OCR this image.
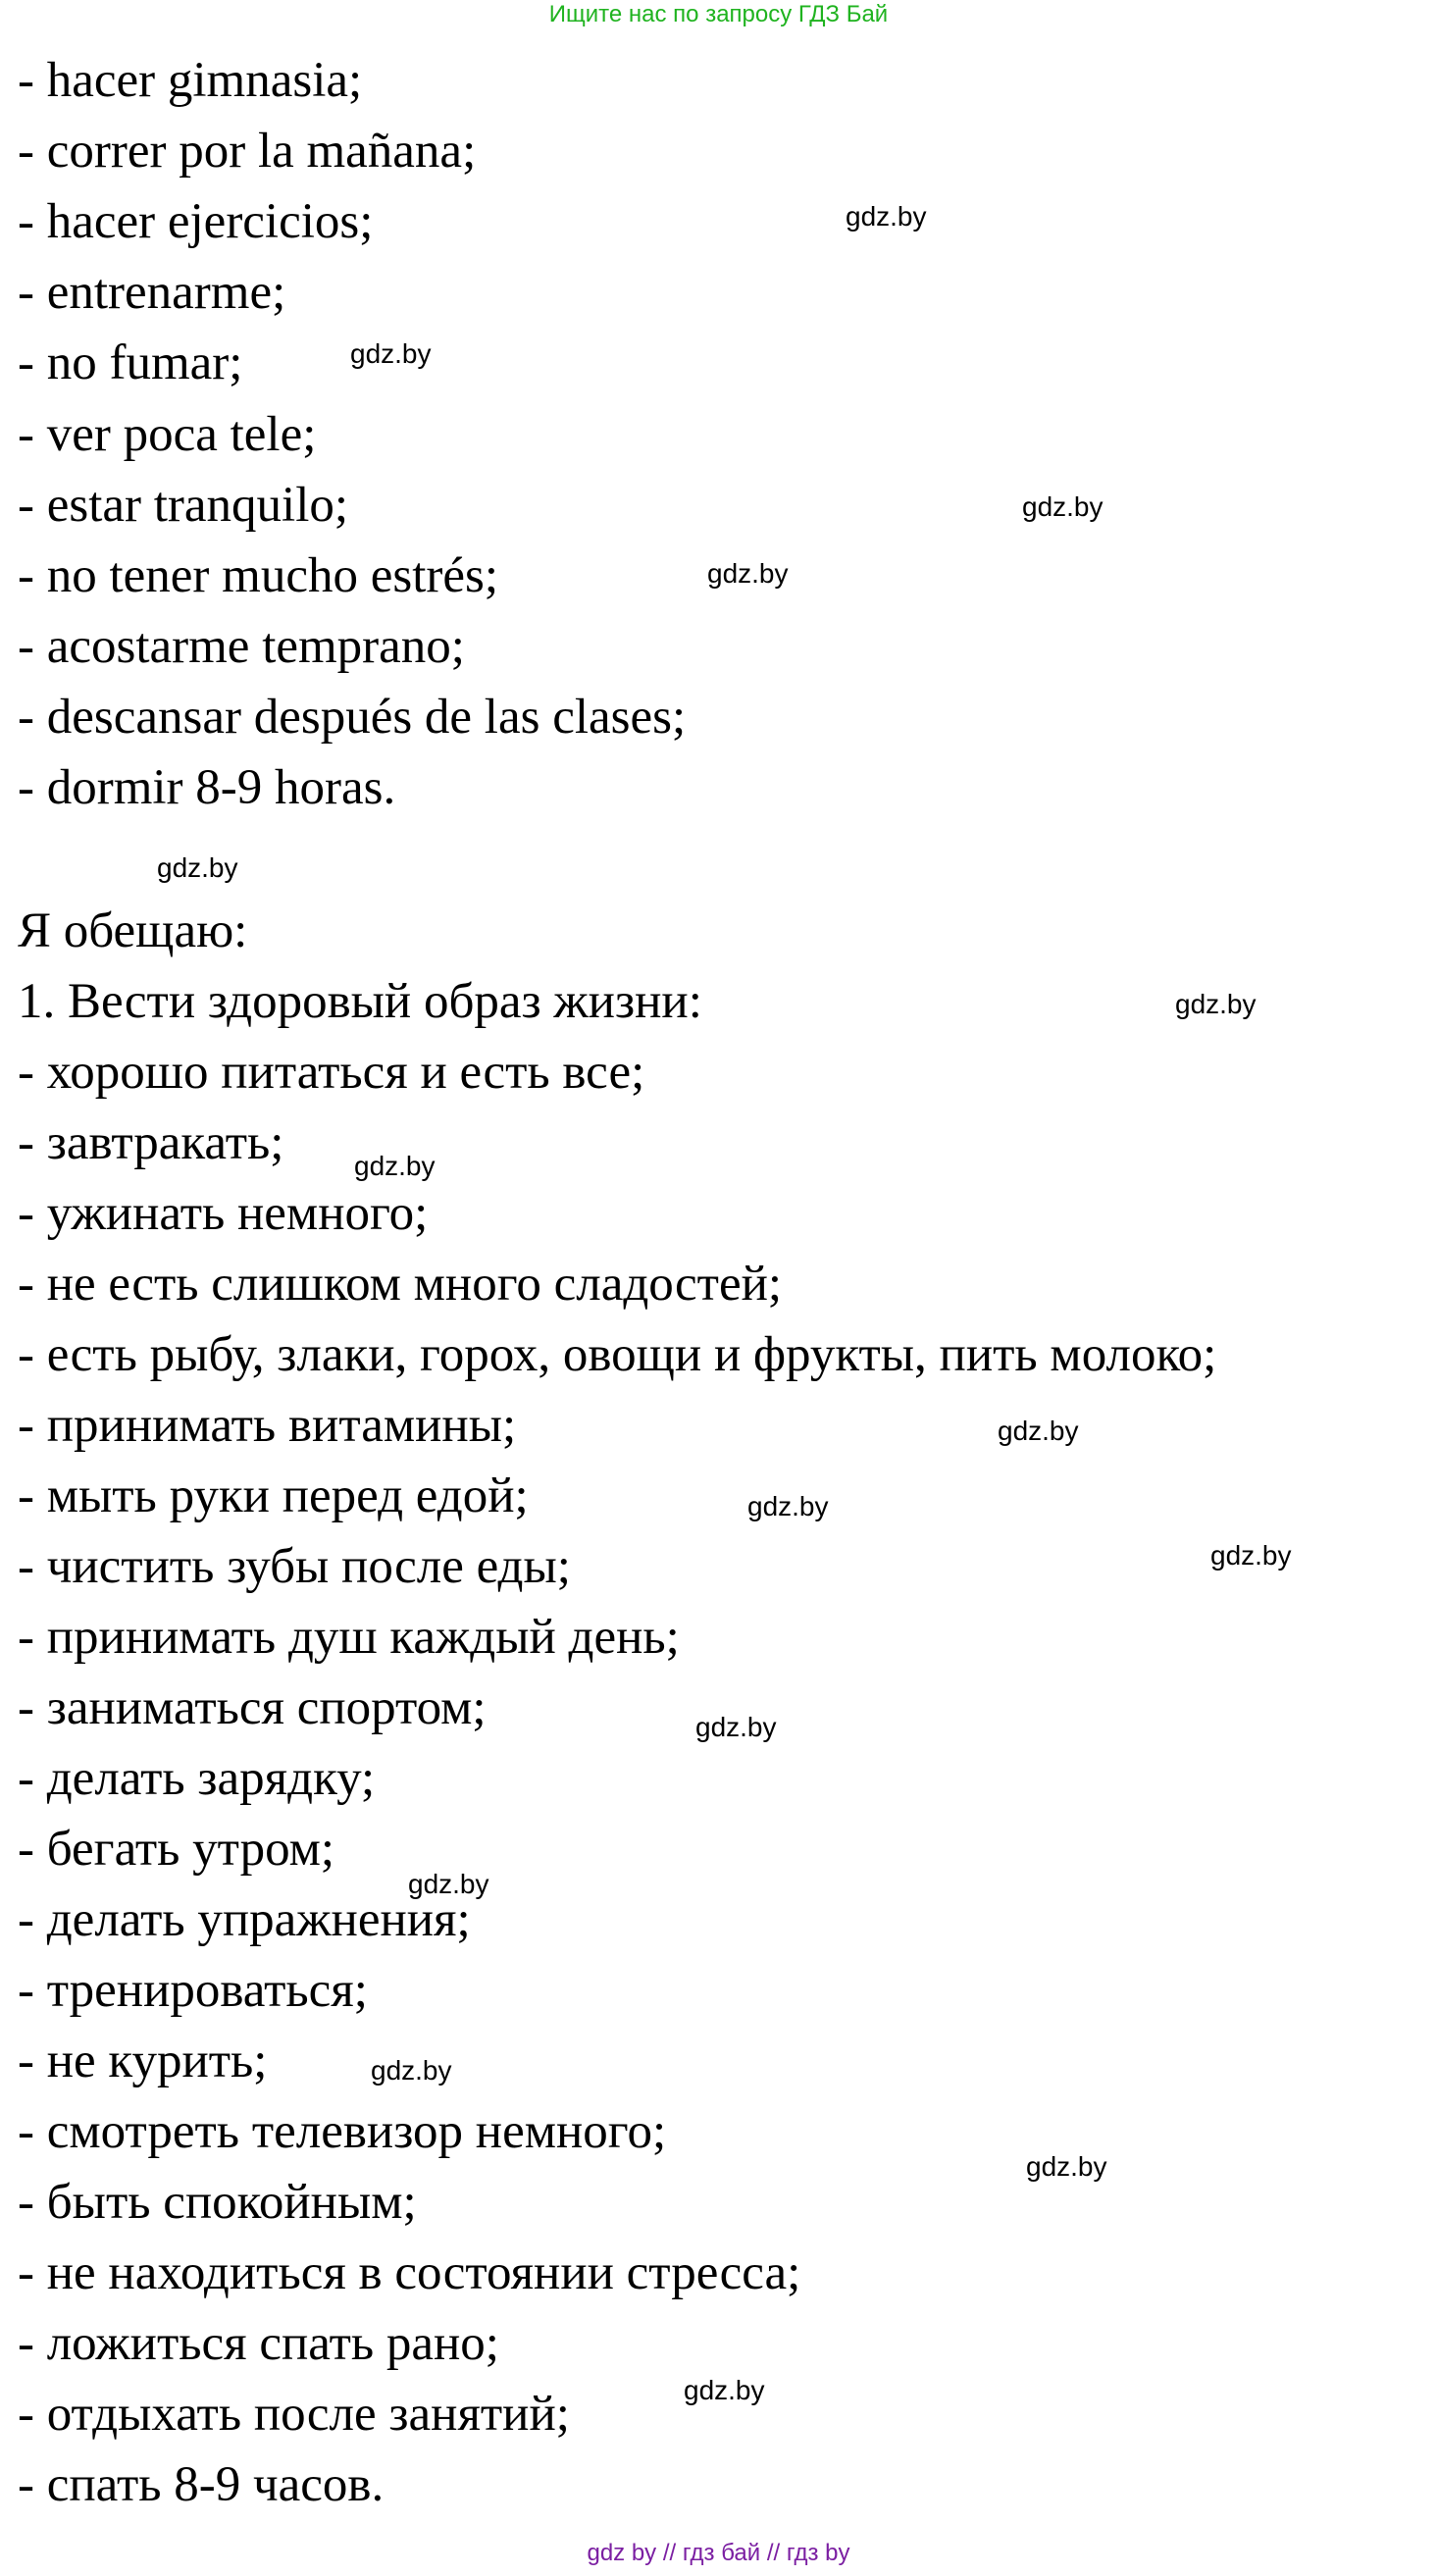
Ищите нас по запросу ГДЗ Бай
- hacer gimnasia;
- correr por la mañana;
- hacer ejercicios;
- entrenarme;
- no fumar;
- ver poca tele;
- estar tranquilo;
- no tener mucho estrés;
- acostarme temprano;
- descansar después de las clases;
- dormir 8-9 horas.
Я обещаю:
1. Вести здоровый образ жизни:
- хорошо питаться и есть все;
- завтракать;
- ужинать немного;
- не есть слишком много сладостей;
- есть рыбу, злаки, горох, овощи и фрукты, пить молоко;
- принимать витамины;
- мыть руки перед едой;
- чистить зубы после еды;
- принимать душ каждый день;
- заниматься спортом;
- делать зарядку;
- бегать утром;
- делать упражнения;
- тренироваться;
- не курить;
- смотреть телевизор немного;
- быть спокойным;
- не находиться в состоянии стресса;
- ложиться спать рано;
- отдыхать после занятий;
- спать 8-9 часов.
gdz.by
gdz.by
gdz.by
gdz.by
gdz.by
gdz.by
gdz.by
gdz.by
gdz.by
gdz.by
gdz.by
gdz.by
gdz.by
gdz.by
gdz.by
gdz by // гдз бай // гдз by
